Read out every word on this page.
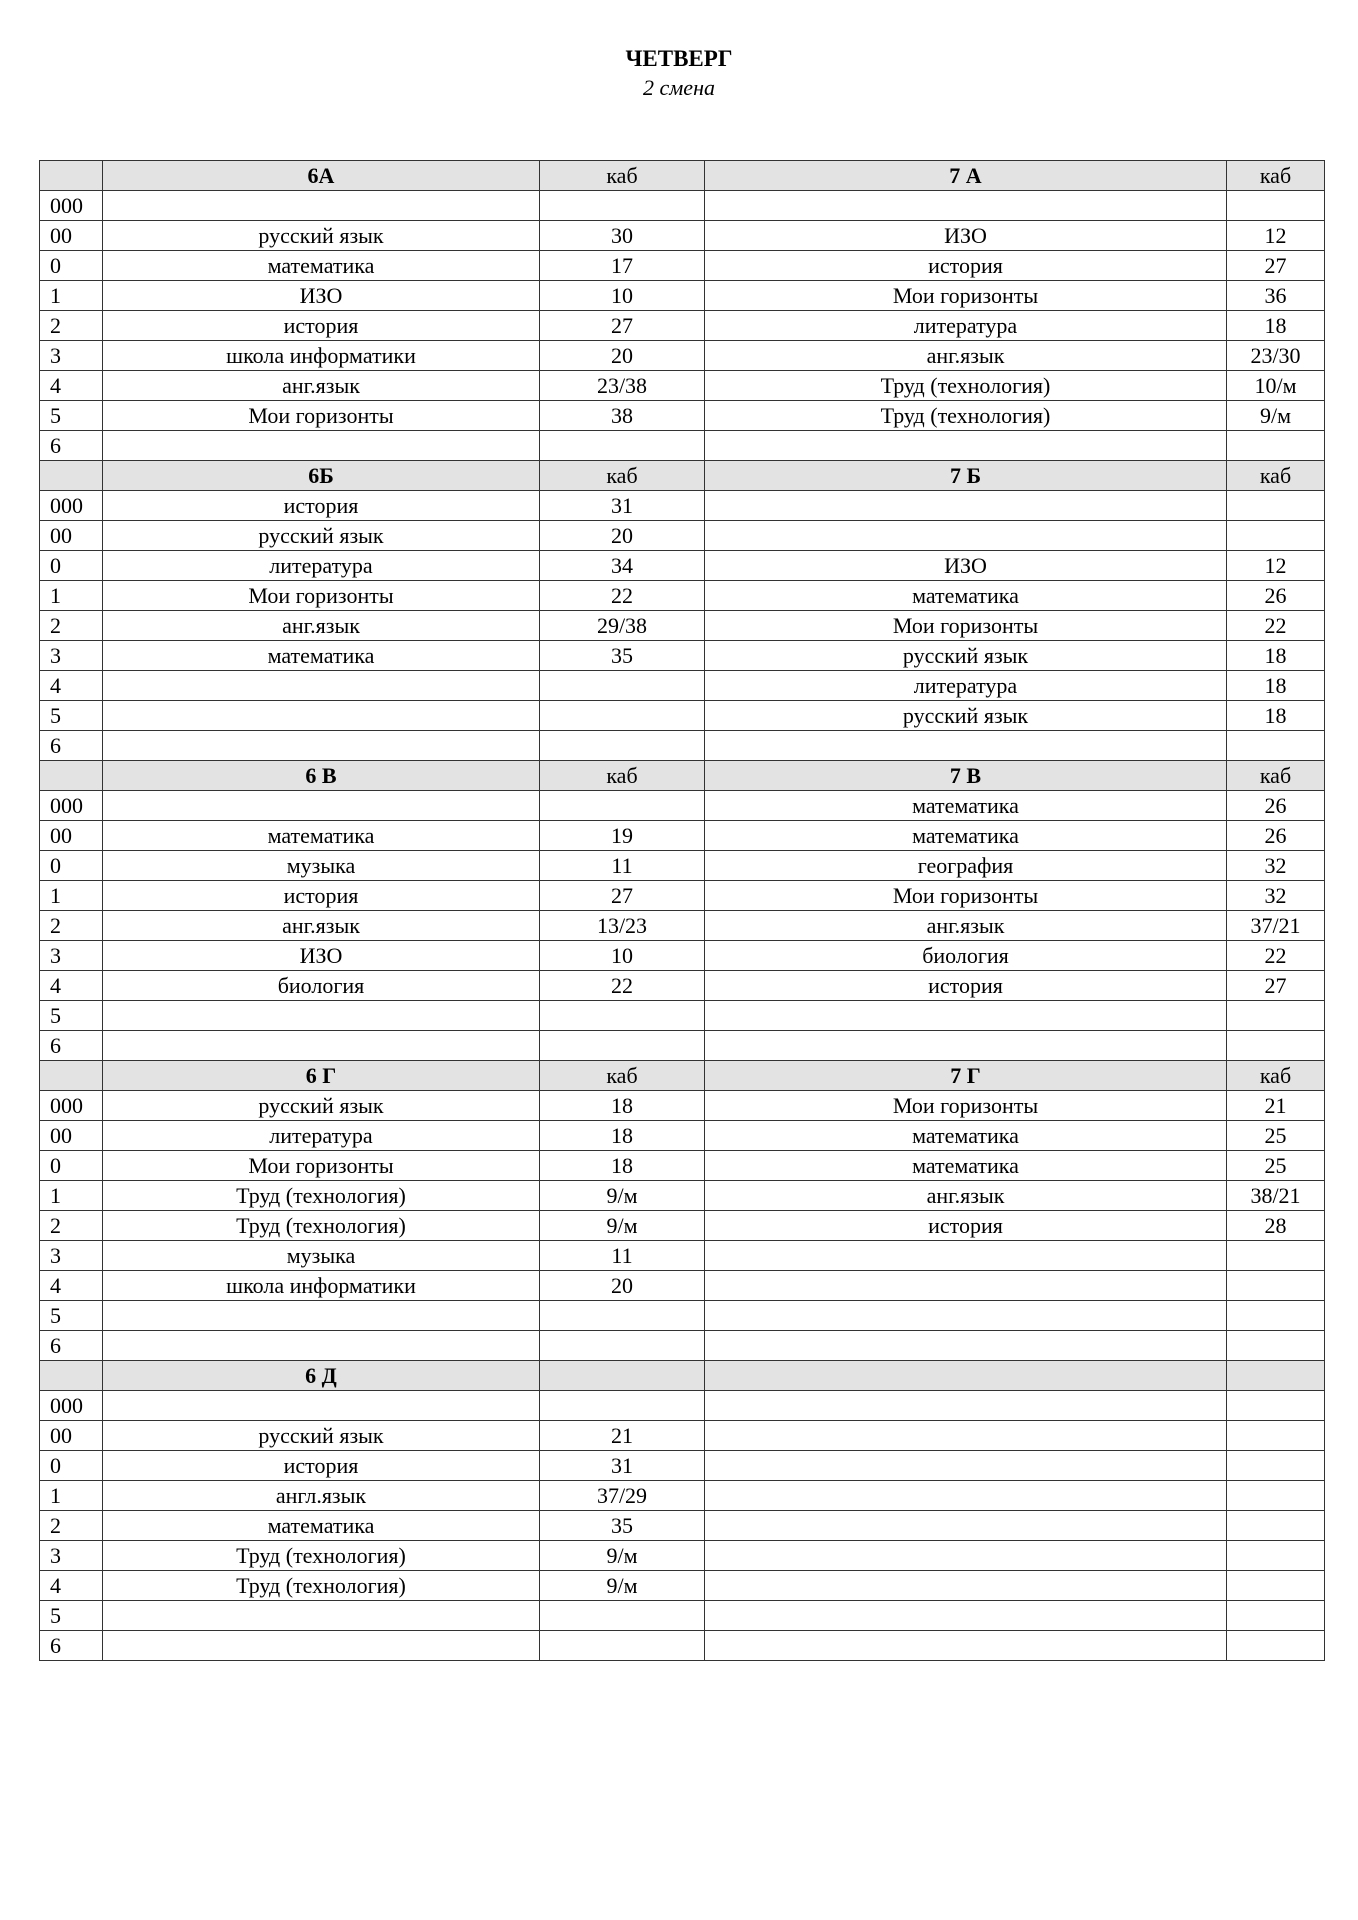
ЧЕТВЕРГ
2 смена
	6А	каб	7 А	каб
000				
00	русский язык	30	ИЗО	12
0	математика	17	история	27
1	ИЗО	10	Мои горизонты	36
2	история	27	литература	18
3	школа информатики	20	анг.язык	23/30
4	анг.язык	23/38	Труд (технология)	10/м
5	Мои горизонты	38	Труд (технология)	9/м
6				
	6Б	каб	7 Б	каб
000	история	31		
00	русский язык	20		
0	литература	34	ИЗО	12
1	Мои горизонты	22	математика	26
2	анг.язык	29/38	Мои горизонты	22
3	математика	35	русский язык	18
4			литература	18
5			русский язык	18
6				
	6 В	каб	7 В	каб
000			математика	26
00	математика	19	математика	26
0	музыка	11	география	32
1	история	27	Мои горизонты	32
2	анг.язык	13/23	анг.язык	37/21
3	ИЗО	10	биология	22
4	биология	22	история	27
5				
6				
	6 Г	каб	7 Г	каб
000	русский язык	18	Мои горизонты	21
00	литература	18	математика	25
0	Мои горизонты	18	математика	25
1	Труд (технология)	9/м	анг.язык	38/21
2	Труд (технология)	9/м	история	28
3	музыка	11		
4	школа информатики	20		
5				
6				
	6 Д			
000				
00	русский язык	21		
0	история	31		
1	англ.язык	37/29		
2	математика	35		
3	Труд (технология)	9/м		
4	Труд (технология)	9/м		
5				
6				
